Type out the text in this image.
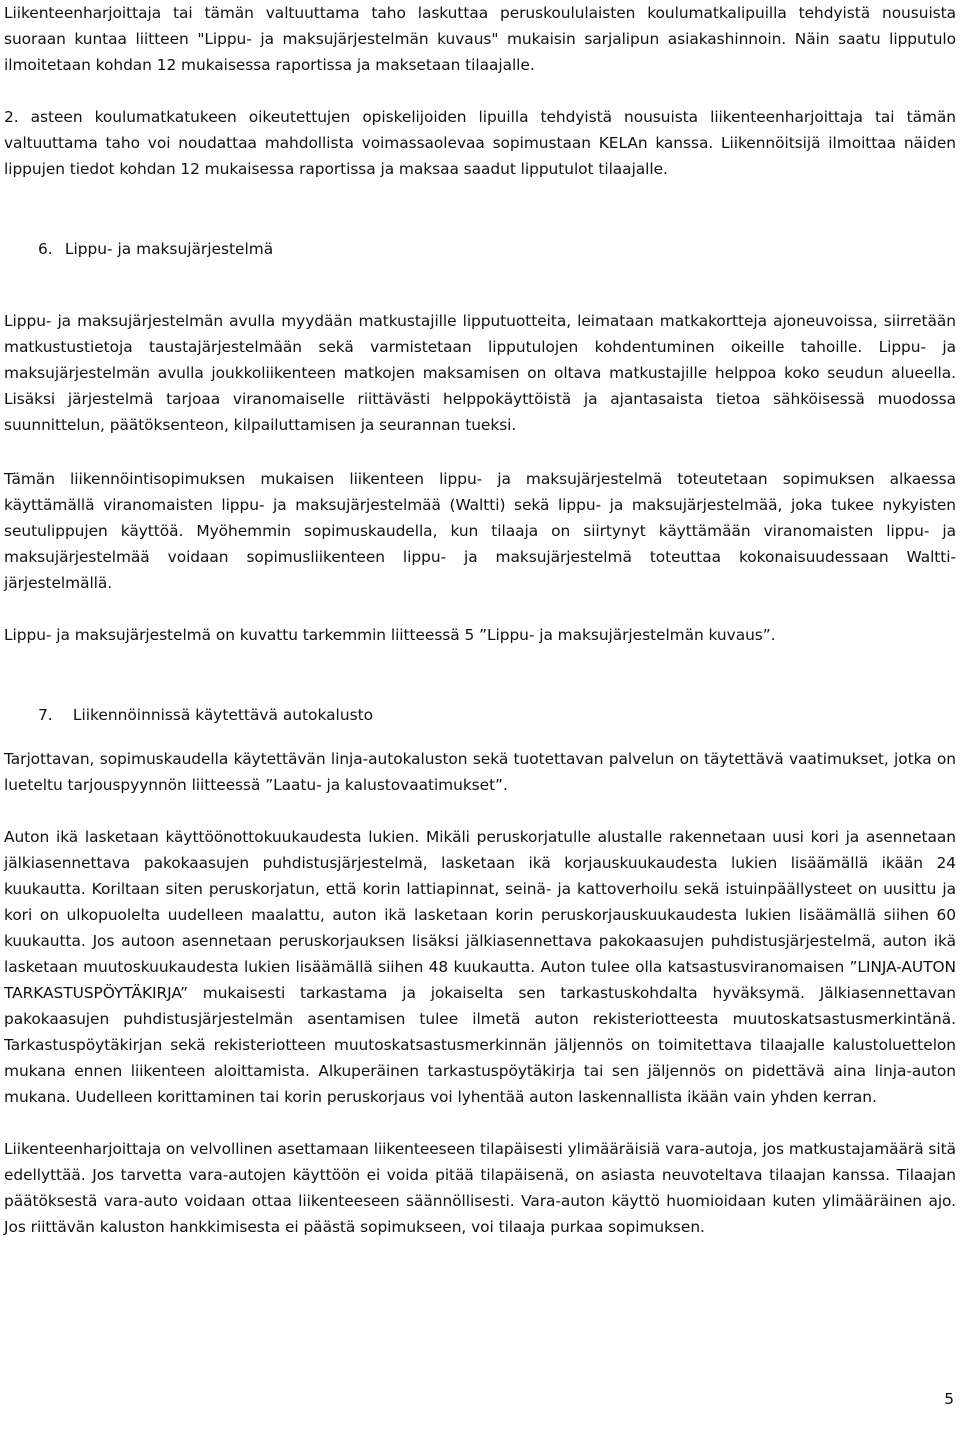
Liikenteenharjoittaja tai tämän valtuuttama taho laskuttaa peruskoululaisten koulumatkalipuilla tehdyistä nousuista suoraan kuntaa liitteen "Lippu- ja maksujärjestelmän kuvaus" mukaisin sarjalipun asiakashinnoin. Näin saatu lipputulo ilmoitetaan kohdan 12 mukaisessa raportissa ja maksetaan tilaajalle.

2. asteen koulumatkatukeen oikeutettujen opiskelijoiden lipuilla tehdyistä nousuista liikenteenharjoittaja tai tämän valtuuttama taho voi noudattaa mahdollista voimassaolevaa sopimustaan KELAn kanssa. Liikennöitsijä ilmoittaa näiden lippujen tiedot kohdan 12 mukaisessa raportissa ja maksaa saadut lipputulot tilaajalle.

6. Lippu- ja maksujärjestelmä

Lippu- ja maksujärjestelmän avulla myydään matkustajille lipputuotteita, leimataan matkakortteja ajoneuvoissa, siirretään matkustustietoja taustajärjestelmään sekä varmistetaan lipputulojen kohdentuminen oikeille tahoille. Lippu- ja maksujärjestelmän avulla joukkoliikenteen matkojen maksamisen on oltava matkustajille helppoa koko seudun alueella. Lisäksi järjestelmä tarjoaa viranomaiselle riittävästi helppokäyttöistä ja ajantasaista tietoa sähköisessä muodossa suunnittelun, päätöksenteon, kilpailuttamisen ja seurannan tueksi.

Tämän liikennöintisopimuksen mukaisen liikenteen lippu- ja maksujärjestelmä toteutetaan sopimuksen alkaessa käyttämällä viranomaisten lippu- ja maksujärjestelmää (Waltti) sekä lippu- ja maksujärjestelmää, joka tukee nykyisten seutulippujen käyttöä. Myöhemmin sopimuskaudella, kun tilaaja on siirtynyt käyttämään viranomaisten lippu- ja maksujärjestelmää voidaan sopimusliikenteen lippu- ja maksujärjestelmä toteuttaa kokonaisuudessaan Waltti-järjestelmällä.

Lippu- ja maksujärjestelmä on kuvattu tarkemmin liitteessä 5 ”Lippu- ja maksujärjestelmän kuvaus”.

7. Liikennöinnissä käytettävä autokalusto

Tarjottavan, sopimuskaudella käytettävän linja-autokaluston sekä tuotettavan palvelun on täytettävä vaatimukset, jotka on lueteltu tarjouspyynnön liitteessä ”Laatu- ja kalustovaatimukset”.

Auton ikä lasketaan käyttöönottokuukaudesta lukien. Mikäli peruskorjatulle alustalle rakennetaan uusi kori ja asennetaan jälkiasennettava pakokaasujen puhdistusjärjestelmä, lasketaan ikä korjauskuukaudesta lukien lisäämällä ikään 24 kuukautta. Koriltaan siten peruskorjatun, että korin lattiapinnat, seinä- ja kattoverhoilu sekä istuinpäällysteet on uusittu ja kori on ulkopuolelta uudelleen maalattu, auton ikä lasketaan korin peruskorjauskuukaudesta lukien lisäämällä siihen 60 kuukautta. Jos autoon asennetaan peruskorjauksen lisäksi jälkiasennettava pakokaasujen puhdistusjärjestelmä, auton ikä lasketaan muutoskuukaudesta lukien lisäämällä siihen 48 kuukautta. Auton tulee olla katsastusviranomaisen ”LINJA-AUTON TARKASTUSPÖYTÄKIRJA” mukaisesti tarkastama ja jokaiselta sen tarkastuskohdalta hyväksymä. Jälkiasennettavan pakokaasujen puhdistusjärjestelmän asentamisen tulee ilmetä auton rekisteriotteesta muutoskatsastusmerkintänä. Tarkastuspöytäkirjan sekä rekisteriotteen muutoskatsastusmerkinnän jäljennös on toimitettava tilaajalle kalustoluettelon mukana ennen liikenteen aloittamista. Alkuperäinen tarkastuspöytäkirja tai sen jäljennös on pidettävä aina linja-auton mukana. Uudelleen korittaminen tai korin peruskorjaus voi lyhentää auton laskennallista ikään vain yhden kerran.

Liikenteenharjoittaja on velvollinen asettamaan liikenteeseen tilapäisesti ylimääräisiä vara-autoja, jos matkustajamäärä sitä edellyttää. Jos tarvetta vara-autojen käyttöön ei voida pitää tilapäisenä, on asiasta neuvoteltava tilaajan kanssa. Tilaajan päätöksestä vara-auto voidaan ottaa liikenteeseen säännöllisesti. Vara-auton käyttö huomioidaan kuten ylimääräinen ajo. Jos riittävän kaluston hankkimisesta ei päästä sopimukseen, voi tilaaja purkaa sopimuksen.

5
